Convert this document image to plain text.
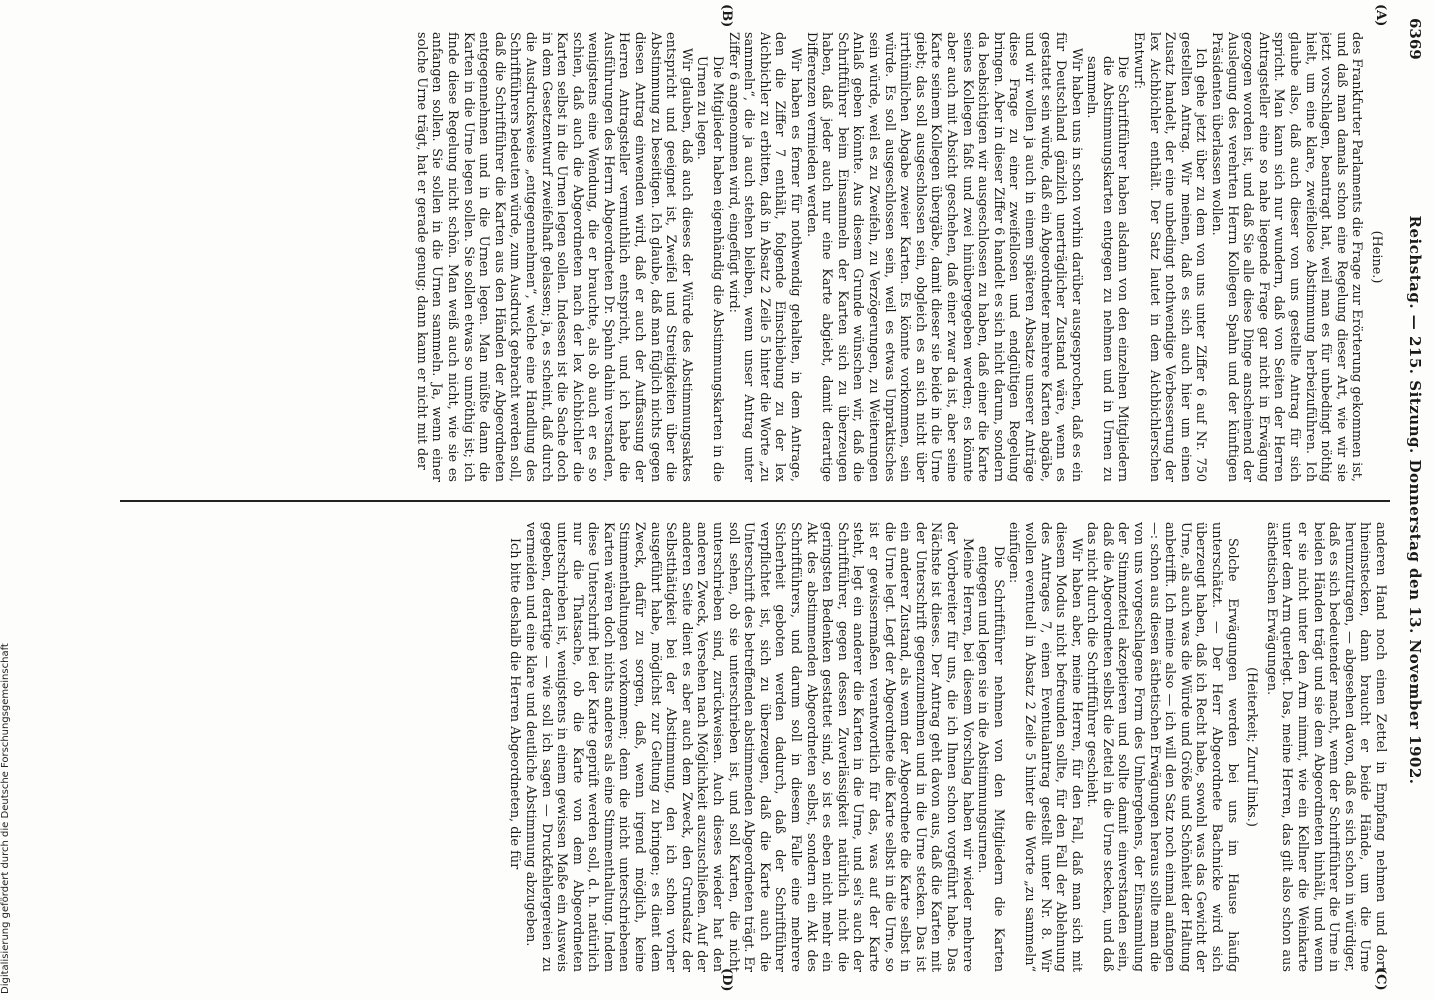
6369
Reichstag. — 215. Sitzung. Donnerstag den 13. November 1902.
(A)
(B)
(C)
(D)

(Heine.)

des Frankfurter Parlaments die Frage zur Erörterung gekommen ist, und daß man damals schon eine Regelung dieser Art, wie wir sie jetzt vorschlagen, beantragt hat, weil man es für unbedingt nöthig hielt, um eine klare, zweifellose Abstimmung herbeizuführen. Ich glaube also, daß auch dieser von uns gestellte Antrag für sich spricht. Man kann sich nur wundern, daß von Seiten der Herren Antragsteller eine so nahe liegende Frage gar nicht in Erwägung gezogen worden ist, und daß Sie alle diese Dinge anscheinend der Auslegung des verehrten Herrn Kollegen Spahn und der künftigen Präsidenten überlassen wollen.

Ich gehe jetzt über zu dem von uns unter Ziffer 6 auf Nr. 750 gestellten Antrag. Wir meinen, daß es sich auch hier um einen Zusatz handelt, der eine unbedingt nothwendige Verbesserung der lex Aichbichler enthält. Der Satz lautet in dem Aichbichlerschen Entwurf:

Die Schriftführer haben alsdann von den einzelnen Mitgliedern die Abstimmungskarten entgegen zu nehmen und in Urnen zu sammeln.

Wir haben uns in schon vorhin darüber ausgesprochen, daß es ein für Deutschland gänzlich unerträglicher Zustand wäre, wenn es gestattet sein würde, daß ein Abgeordneter mehrere Karten abgäbe, und wir wollen ja auch in einem späteren Absatze unserer Anträge diese Frage zu einer zweifellosen und endgültigen Regelung bringen. Aber in dieser Ziffer 6 handelt es sich nicht darum, sondern da beabsichtigen wir ausgeschlossen zu haben, daß einer die Karte seines Kollegen faßt und zwei hinübergegeben werden; es könnte aber auch mit Absicht geschehen, daß einer zwar da ist, aber seine Karte seinem Kollegen übergäbe, damit dieser sie beide in die Urne giebt; das soll ausgeschlossen sein, obgleich es an sich nicht über irrthümlichen Abgabe zweier Karten. Es könnte vorkommen, sein würde. Es soll ausgeschlossen sein, weil es etwas Unpraktisches sein würde, weil es zu Zweifeln, zu Verzögerungen, zu Weiterungen Anlaß geben könnte. Aus diesem Grunde wünschen wir, daß die Schriftführer beim Einsammeln der Karten sich zu überzeugen haben, daß jeder auch nur eine Karte abgiebt, damit derartige Differenzen vermieden werden.

Wir haben es ferner für nothwendig gehalten, in dem Antrage, den die Ziffer 7 enthält, folgende Einschiebung zu der lex Aichbichler zu erbitten, daß in Absatz 2 Zeile 5 hinter die Worte „zu sammeln“, die ja auch stehen bleiben, wenn unser Antrag unter Ziffer 6 angenommen wird, eingefügt wird:

Die Mitglieder haben eigenhändig die Abstimmungskarten in die Urnen zu legen.

Wir glauben, daß auch dieses der Würde des Abstimmungsaktes entspricht und geeignet ist, Zweifel und Streitigkeiten über die Abstimmung zu beseitigen. Ich glaube, daß man füglich nichts gegen diesen Antrag einwenden wird, daß er auch der Auffassung der Herren Antragsteller vermuthlich entspricht, und ich habe die Ausführungen des Herrn Abgeordneten Dr. Spahn dahin verstanden, wenigstens eine Wendung, die er brauchte, als ob auch er es so schien, daß auch die Abgeordneten nach der lex Aichbichler die Karten selbst in die Urnen legen sollen. Indessen ist die Sache doch in dem Gesetzentwurf zweifelhaft gelassen; ja, es scheint, daß durch die Ausdrucksweise „entgegennehmen“, welche eine Handlung des Schriftführers bedeuten würde, zum Ausdruck gebracht werden soll, daß die Schriftführer die Karten aus den Händen der Abgeordneten entgegennehmen und in die Urnen legen. Man müßte dann die Karten in die Urne legen sollen. Sie sollen etwas so unnöthig ist; ich finde diese Regelung nicht schön. Man weiß auch nicht, wie sie es anfangen sollen. Sie sollen in die Urnen sammeln. Ja, wenn einer solche Urne trägt, hat er gerade genug; dann kann er nicht mit der

anderen Hand noch einen Zettel in Empfang nehmen und dort hineinstecken, dann braucht er beide Hände, um die Urne herumzutragen, — abgesehen davon, daß es sich schon in würdiger, daß es sich bedeutender macht, wenn der Schriftführer die Urne in beiden Händen trägt und sie dem Abgeordneten hinhält, und wenn er sie nicht unter den Arm nimmt, wie ein Kellner die Weinkarte unter dem Arm querlegt. Das, meine Herren, das gilt also schon aus ästhetischen Erwägungen.

(Heiterkeit; Zuruf links.)

Solche Erwägungen werden bei uns im Hause häufig unterschätzt. — Der Herr Abgeordnete Bachnicke wird sich überzeugt haben, daß ich Recht habe, sowohl was das Gewicht der Urne, als auch was die Würde und Größe und Schönheit der Haltung anbetrifft. Ich meine also — ich will den Satz noch einmal anfangen —: schon aus diesen ästhetischen Erwägungen heraus sollte man die von uns vorgeschlagene Form des Umhergehens, der Einsammlung der Stimmzettel akzeptieren und sollte damit einverstanden sein, daß die Abgeordneten selbst die Zettel in die Urne stecken, und daß das nicht durch die Schriftführer geschieht.

Wir haben aber, meine Herren, für den Fall, daß man sich mit diesem Modus nicht befreunden sollte, für den Fall der Ablehnung des Antrages 7, einen Eventualantrag gestellt unter Nr. 8. Wir wollen eventuell in Absatz 2 Zeile 5 hinter die Worte „zu sammeln“ einfügen:

Die Schriftführer nehmen von den Mitgliedern die Karten entgegen und legen sie in die Abstimmungsurnen.

Meine Herren, bei diesem Vorschlag haben wir wieder mehrere der Vorbereiter für uns, die ich Ihnen schon vorgeführt habe. Das Nächste ist dieses. Der Antrag geht davon aus, daß die Karten mit der Unterschrift gegenzumehmen und in die Urne stecken. Das ist ein anderer Zustand, als wenn der Abgeordnete die Karte selbst in die Urne legt. Legt der Abgeordnete die Karte selbst in die Urne, so ist er gewissermaßen verantwortlich für das, was auf der Karte steht, legt ein anderer die Karten in die Urne, und sei's auch der Schriftführer, gegen dessen Zuverlässigkeit natürlich nicht die geringsten Bedenken gestattet sind, so ist es eben nicht mehr ein Akt des abstimmenden Abgeordneten selbst, sondern ein Akt des Schriftführers, und darum soll in diesem Falle eine mehrere Sicherheit geboten werden dadurch, daß der Schriftführer verpflichtet ist, sich zu überzeugen, daß die Karte auch die Unterschrift des betreffenden abstimmenden Abgeordneten trägt. Er soll sehen, ob sie unterschrieben ist, und soll Karten, die nicht unterschrieben sind, zurückweisen. Auch dieses wieder hat den anderen Zweck, Versehen nach Möglichkeit auszuschließen. Auf der anderen Seite dient es aber auch dem Zweck, den Grundsatz der Selbstthätigkeit bei der Abstimmung, den ich schon vorher ausgeführt habe, möglichst zur Geltung zu bringen; es dient dem Zweck, dafür zu sorgen, daß, wenn irgend möglich, keine Stimmenthaltungen vorkommen; denn die nicht unterschriebenen Karten wären doch nichts anderes als eine Stimmenthaltung. Indem diese Unterschrift bei der Karte geprüft werden soll, d. h. natürlich nur die Thatsache, ob die Karte von dem Abgeordneten unterschrieben ist, wenigstens in einem gewissen Maße ein Ausweis gegeben, derartige — wie soll ich sagen — Druckfehlergereien zu vermeiden und eine klare und deutliche Abstimmung abzugeben.

Ich bitte deshalb die Herren Abgeordneten, die für

Digitalisierung gefördert durch die Deutsche Forschungsgemeinschaft
